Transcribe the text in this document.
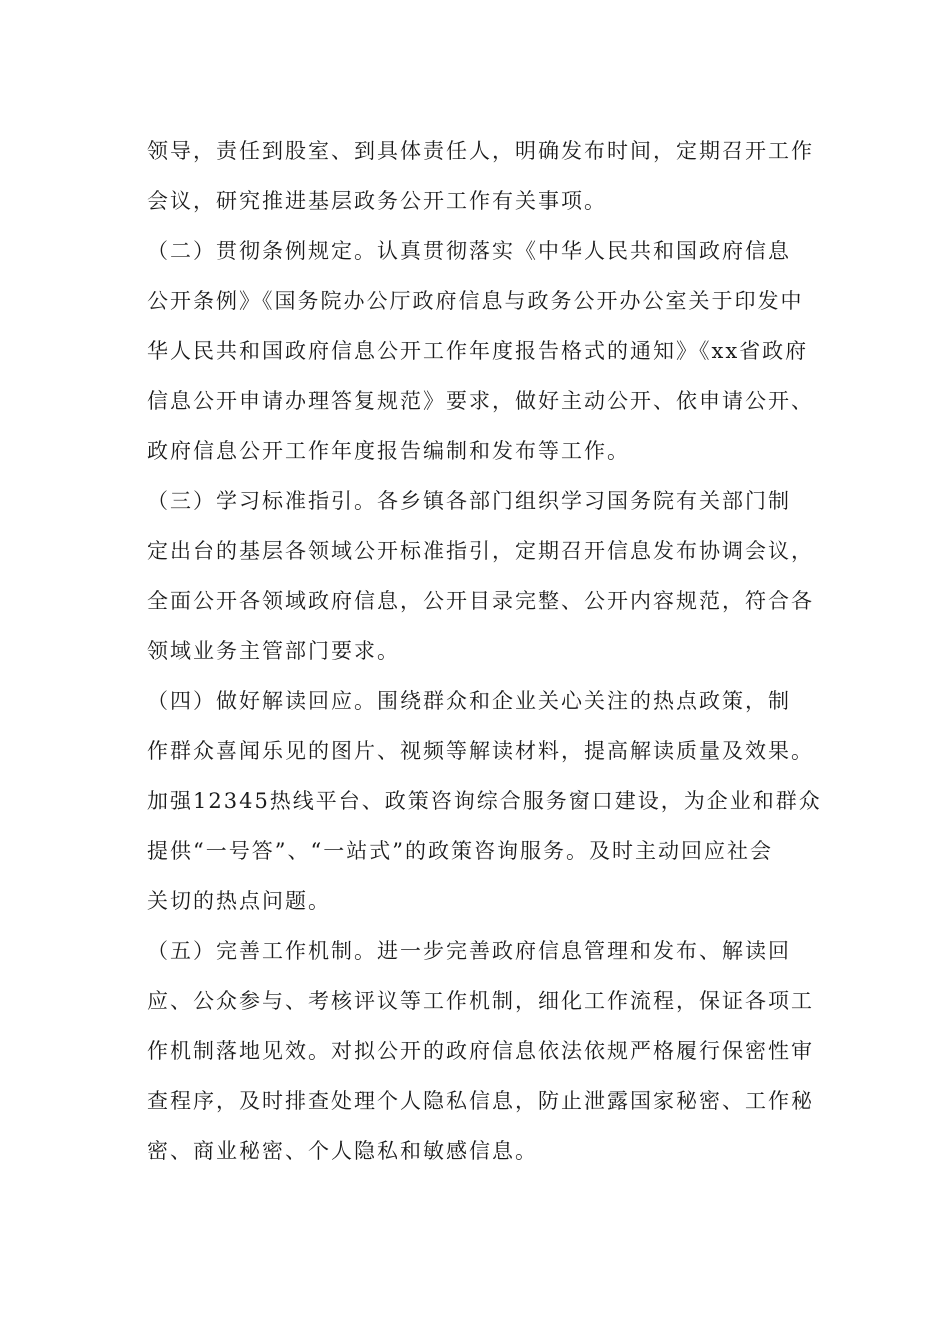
领导，责任到股室、到具体责任人，明确发布时间，定期召开工作
会议，研究推进基层政务公开工作有关事项。
（二）贯彻条例规定。认真贯彻落实《中华人民共和国政府信息
公开条例》《国务院办公厅政府信息与政务公开办公室关于印发中
华人民共和国政府信息公开工作年度报告格式的通知》《xx省政府
信息公开申请办理答复规范》要求，做好主动公开、依申请公开、
政府信息公开工作年度报告编制和发布等工作。
（三）学习标准指引。各乡镇各部门组织学习国务院有关部门制
定出台的基层各领域公开标准指引，定期召开信息发布协调会议，
全面公开各领域政府信息，公开目录完整、公开内容规范，符合各
领域业务主管部门要求。
（四）做好解读回应。围绕群众和企业关心关注的热点政策，制
作群众喜闻乐见的图片、视频等解读材料，提高解读质量及效果。
加强12345热线平台、政策咨询综合服务窗口建设，为企业和群众
提供“一号答”、“一站式”的政策咨询服务。及时主动回应社会
关切的热点问题。
（五）完善工作机制。进一步完善政府信息管理和发布、解读回
应、公众参与、考核评议等工作机制，细化工作流程，保证各项工
作机制落地见效。对拟公开的政府信息依法依规严格履行保密性审
查程序，及时排查处理个人隐私信息，防止泄露国家秘密、工作秘
密、商业秘密、个人隐私和敏感信息。
